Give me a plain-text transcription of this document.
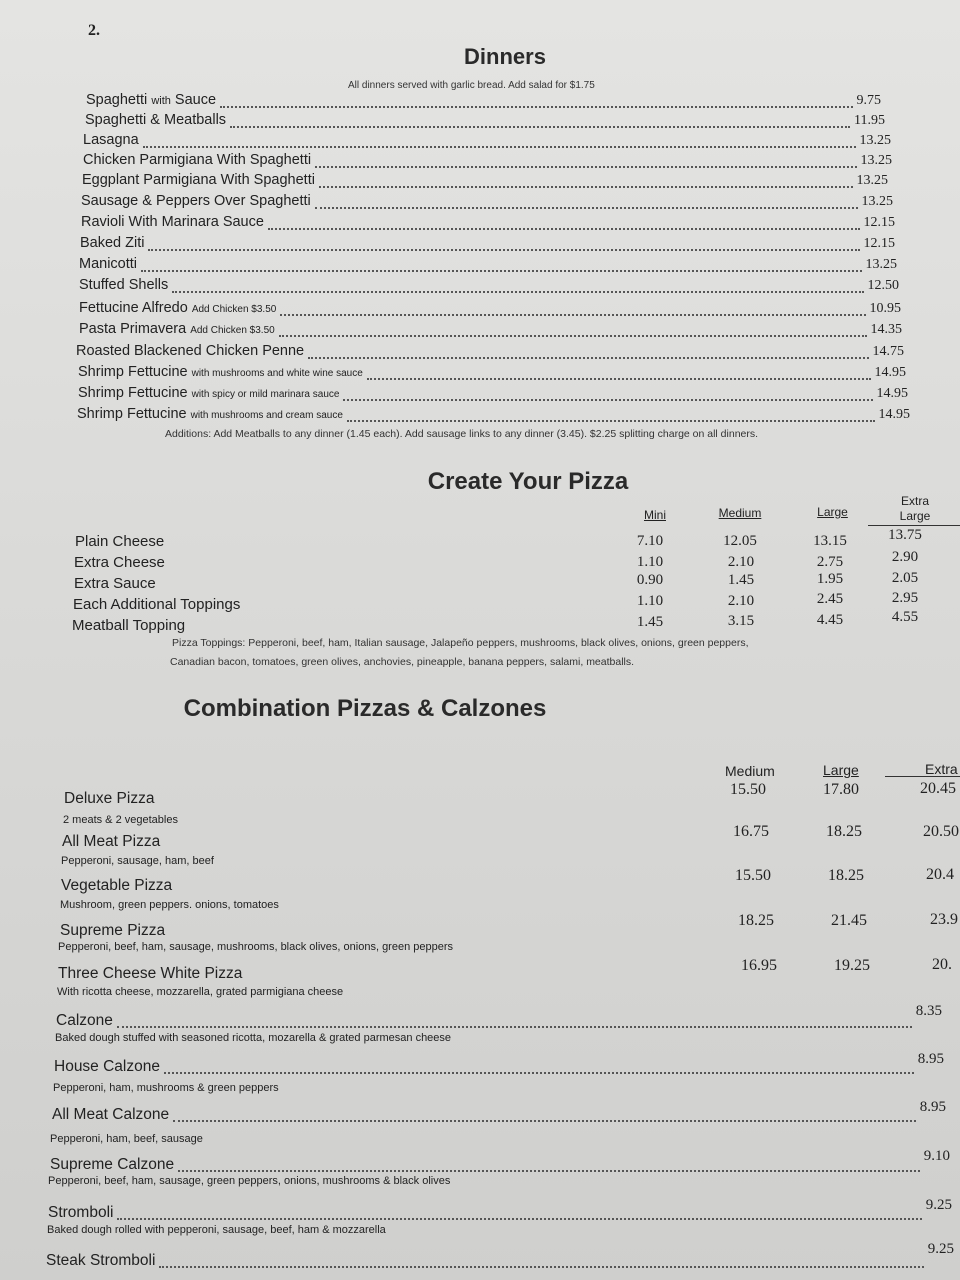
2.
Dinners
All dinners served with garlic bread. Add salad for $1.75
Spaghetti with Sauce	9.75
Spaghetti & Meatballs	11.95
Lasagna	13.25
Chicken Parmigiana With Spaghetti	13.25
Eggplant Parmigiana With Spaghetti	13.25
Sausage & Peppers Over Spaghetti	13.25
Ravioli With Marinara Sauce	12.15
Baked Ziti	12.15
Manicotti	13.25
Stuffed Shells	12.50
Fettucine Alfredo Add Chicken $3.50	10.95
Pasta Primavera Add Chicken $3.50	14.35
Roasted Blackened Chicken Penne	14.75
Shrimp Fettucine with mushrooms and white wine sauce	14.95
Shrimp Fettucine with spicy or mild marinara sauce	14.95
Shrimp Fettucine with mushrooms and cream sauce	14.95
Additions: Add Meatballs to any dinner (1.45 each). Add sausage links to any dinner (3.45). $2.25 splitting charge on all dinners.
Create Your Pizza
Mini	Medium	Large
Extra
Large
Plain Cheese	7.10	12.05	13.15	13.75
Extra Cheese	1.10	2.10	2.75	2.90
Extra Sauce	0.90	1.45	1.95	2.05
Each Additional Toppings	1.10	2.10	2.45	2.95
Meatball Topping	1.45	3.15	4.45	4.55
Pizza Toppings: Pepperoni, beef, ham, Italian sausage, Jalapeño peppers, mushrooms, black olives, onions, green peppers,
Canadian bacon, tomatoes, green olives, anchovies, pineapple, banana peppers, salami, meatballs.
Combination Pizzas & Calzones
Medium	Large	Extra
Deluxe Pizza
2 meats & 2 vegetables
15.50	17.80	20.45
All Meat Pizza
Pepperoni, sausage, ham, beef
16.75	18.25	20.50
Vegetable Pizza
Mushroom, green peppers. onions, tomatoes
15.50	18.25	20.4
Supreme Pizza
Pepperoni, beef, ham, sausage, mushrooms, black olives, onions, green peppers
18.25	21.45	23.9
Three Cheese White Pizza
With ricotta cheese, mozzarella, grated parmigiana cheese
16.95	19.25	20.
Calzone
8.35
Baked dough stuffed with seasoned ricotta, mozarella & grated parmesan cheese
House Calzone	8.95
Pepperoni, ham, mushrooms & green peppers
All Meat Calzone	8.95
Pepperoni, ham, beef, sausage
Supreme Calzone	9.10
Pepperoni, beef, ham, sausage, green peppers, onions, mushrooms & black olives
Stromboli	9.25
Baked dough rolled with pepperoni, sausage, beef, ham & mozzarella
Steak Stromboli
9.25
